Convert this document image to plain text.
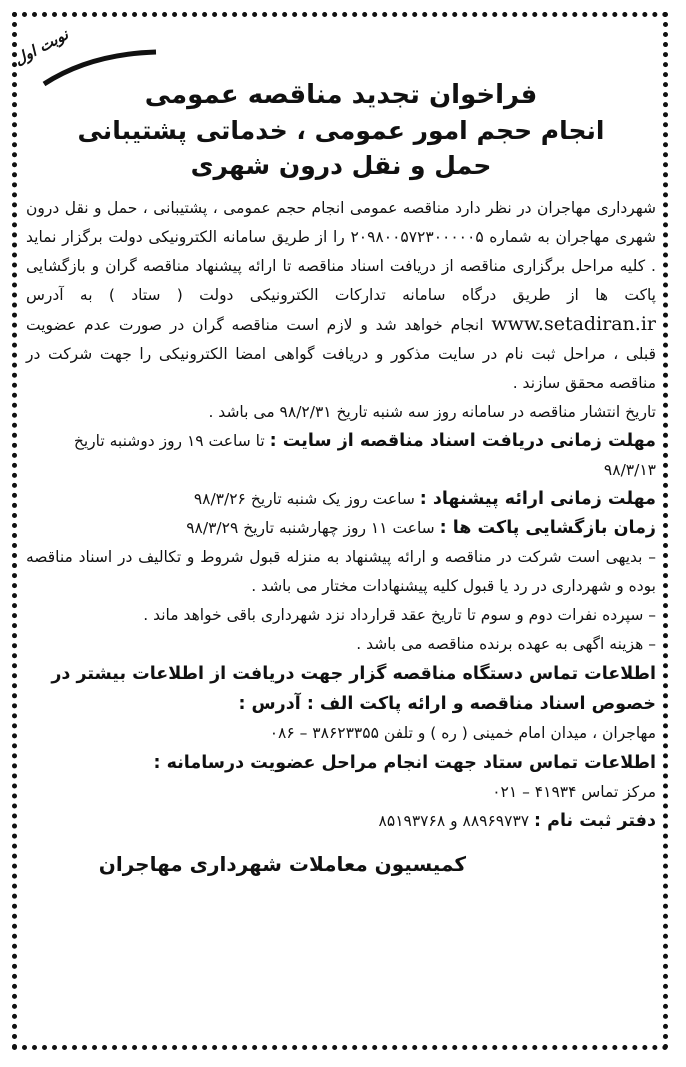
نوبت اول
فراخوان تجدید مناقصه عمومی
انجام حجم امور عمومی ، خدماتی پشتیبانی
حمل و نقل درون شهری

شهرداری مهاجران در نظر دارد مناقصه عمومی انجام حجم عمومی ، پشتیبانی ، حمل و نقل درون شهری مهاجران به شماره ۲۰۹۸۰۰۵۷۲۳۰۰۰۰۰۵ را از طریق سامانه الکترونیکی دولت برگزار نماید . کلیه مراحل برگزاری مناقصه از دریافت اسناد مناقصه تا ارائه پیشنهاد مناقصه گران و بازگشایی پاکت ها از طریق درگاه سامانه تدارکات الکترونیکی دولت ( ستاد ) به آدرس www.setadiran.ir انجام خواهد شد و لازم است مناقصه گران در صورت عدم عضویت قبلی ، مراحل ثبت نام در سایت مذکور و دریافت گواهی امضا الکترونیکی را جهت شرکت در مناقصه محقق سازند .

تاریخ انتشار مناقصه در سامانه روز سه شنبه تاریخ ۹۸/۲/۳۱ می باشد .

مهلت زمانی دریافت اسناد مناقصه از سایت : تا ساعت ۱۹ روز دوشنبه تاریخ ۹۸/۳/۱۳

مهلت زمانی ارائه پیشنهاد : ساعت روز یک شنبه تاریخ ۹۸/۳/۲۶

زمان بازگشایی پاکت ها : ساعت ۱۱ روز چهارشنبه تاریخ ۹۸/۳/۲۹

– بدیهی است شرکت در مناقصه و ارائه پیشنهاد به منزله قبول شروط و تکالیف در اسناد مناقصه بوده و شهرداری در رد یا قبول کلیه پیشنهادات مختار می باشد .

– سپرده نفرات دوم و سوم تا تاریخ عقد قرارداد نزد شهرداری باقی خواهد ماند .

– هزینه اگهی به عهده برنده مناقصه می باشد .

اطلاعات تماس دستگاه مناقصه گزار جهت دریافت از اطلاعات بیشتر در خصوص اسناد مناقصه و ارائه پاکت الف : آدرس :

مهاجران ، میدان امام خمینی ( ره ) و تلفن ۳۸۶۲۳۳۵۵ – ۰۸۶

اطلاعات تماس ستاد جهت انجام مراحل عضویت درسامانه :

مرکز تماس ۴۱۹۳۴ – ۰۲۱

دفتر ثبت نام : ۸۸۹۶۹۷۳۷ و ۸۵۱۹۳۷۶۸

کمیسیون معاملات شهرداری مهاجران
